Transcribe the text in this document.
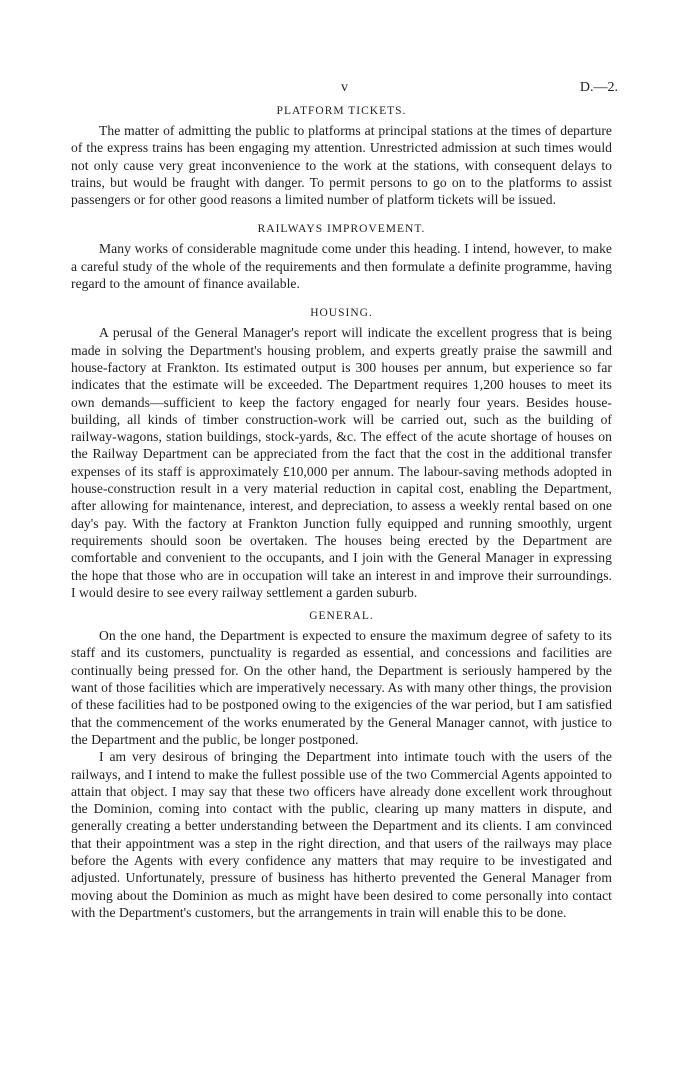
v	D.—2.
PLATFORM TICKETS.

The matter of admitting the public to platforms at principal stations at the times of departure of the express trains has been engaging my attention. Unrestricted admission at such times would not only cause very great inconvenience to the work at the stations, with consequent delays to trains, but would be fraught with danger. To permit persons to go on to the platforms to assist passengers or for other good reasons a limited number of platform tickets will be issued.

RAILWAYS IMPROVEMENT.

Many works of considerable magnitude come under this heading. I intend, however, to make a careful study of the whole of the requirements and then formulate a definite programme, having regard to the amount of finance available.

HOUSING.

A perusal of the General Manager's report will indicate the excellent progress that is being made in solving the Department's housing problem, and experts greatly praise the sawmill and house-factory at Frankton. Its estimated output is 300 houses per annum, but experience so far indicates that the estimate will be exceeded. The Department requires 1,200 houses to meet its own demands—sufficient to keep the factory engaged for nearly four years. Besides house-building, all kinds of timber construction-work will be carried out, such as the building of railway-wagons, station buildings, stock-yards, &c. The effect of the acute shortage of houses on the Railway Department can be appreciated from the fact that the cost in the additional transfer expenses of its staff is approximately £10,000 per annum. The labour-saving methods adopted in house-construction result in a very material reduction in capital cost, enabling the Department, after allowing for maintenance, interest, and depreciation, to assess a weekly rental based on one day's pay. With the factory at Frankton Junction fully equipped and running smoothly, urgent requirements should soon be overtaken. The houses being erected by the Department are comfortable and convenient to the occupants, and I join with the General Manager in expressing the hope that those who are in occupation will take an interest in and improve their surroundings. I would desire to see every railway settlement a garden suburb.

GENERAL.

On the one hand, the Department is expected to ensure the maximum degree of safety to its staff and its customers, punctuality is regarded as essential, and concessions and facilities are continually being pressed for. On the other hand, the Department is seriously hampered by the want of those facilities which are imperatively necessary. As with many other things, the provision of these facilities had to be postponed owing to the exigencies of the war period, but I am satisfied that the commencement of the works enumerated by the General Manager cannot, with justice to the Department and the public, be longer postponed.

I am very desirous of bringing the Department into intimate touch with the users of the railways, and I intend to make the fullest possible use of the two Commercial Agents appointed to attain that object. I may say that these two officers have already done excellent work throughout the Dominion, coming into contact with the public, clearing up many matters in dispute, and generally creating a better understanding between the Department and its clients. I am convinced that their appointment was a step in the right direction, and that users of the railways may place before the Agents with every confidence any matters that may require to be investigated and adjusted. Unfortunately, pressure of business has hitherto prevented the General Manager from moving about the Dominion as much as might have been desired to come personally into contact with the Department's customers, but the arrangements in train will enable this to be done.
